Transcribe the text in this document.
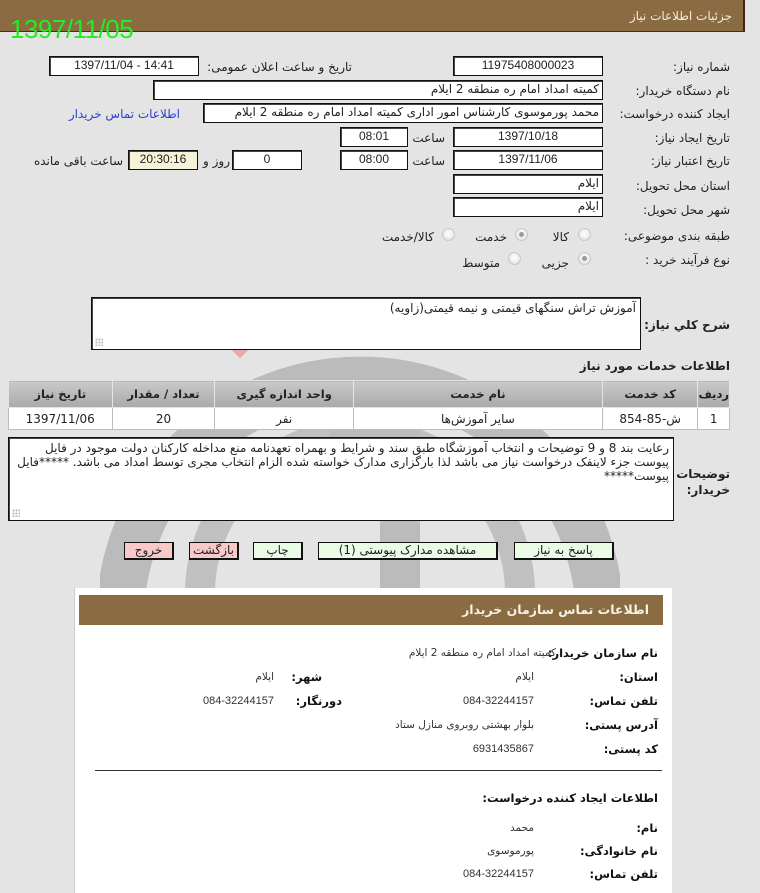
جزئیات اطلاعات نیاز
1397/11/05
شماره نیاز:
1197540800002​3
تاریخ و ساعت اعلان عمومی:
1397/11/04 - 14:41
نام دستگاه خریدار:
کمیته امداد امام ره منطقه 2 ایلام
ایجاد کننده درخواست:
محمد پورموسوی کارشناس امور اداری کمیته امداد امام ره منطقه 2 ایلام
اطلاعات تماس خریدار
تاریخ ایجاد نیاز:
1397/10/18
ساعت
08:01
تاریخ اعتبار نیاز:
1397/11/06
ساعت
08:00
0
روز و
20:30:16
ساعت باقی مانده
استان محل تحویل:
ایلام
شهر محل تحویل:
ایلام
طبقه بندی موضوعی:
کالا
خدمت
کالا/خدمت
نوع فرآیند خرید :
جزیی
متوسط
شرح کلي نياز:
آموزش تراش سنگهای قیمتی و نیمه قیمتی(زاویه)
اطلاعات خدمات مورد نیاز
تاریخ نیاز	تعداد / مقدار	واحد اندازه گیری	نام خدمت	کد خدمت	ردیف
1397/11/06	20	نفر	سایر آموزش‌ها	ش-85-854	1
توضیحات خریدار:
رعایت بند 8 و 9 توضیحات و انتخاب آموزشگاه طبق سند و شرایط و بهمراه تعهدنامه منع مداخله کارکنان دولت موجود در فایل پیوست جزء لاینفک درخواست نیاز می باشد لذا بارگزاری مدارک خواسته شده الزام انتخاب مجری توسط امداد می باشد. *****فایل پیوست*****
پاسخ به نیاز
مشاهده مدارک پیوستی (1)
چاپ
بازگشت
خروج
اطلاعات تماس سازمان خریدار
نام سازمان خریدار:
کمیته امداد امام ره منطقه 2 ایلام
استان:
ایلام
شهر:
ایلام
تلفن تماس:
084-32244157
دورنگار:
084-32244157
آدرس پستی:
بلوار بهشتی روبروی منازل ستاد
کد پستی:
6931435867
اطلاعات ایجاد کننده درخواست:
نام:
محمد
نام خانوادگی:
پورموسوی
تلفن تماس:
084-32244157
